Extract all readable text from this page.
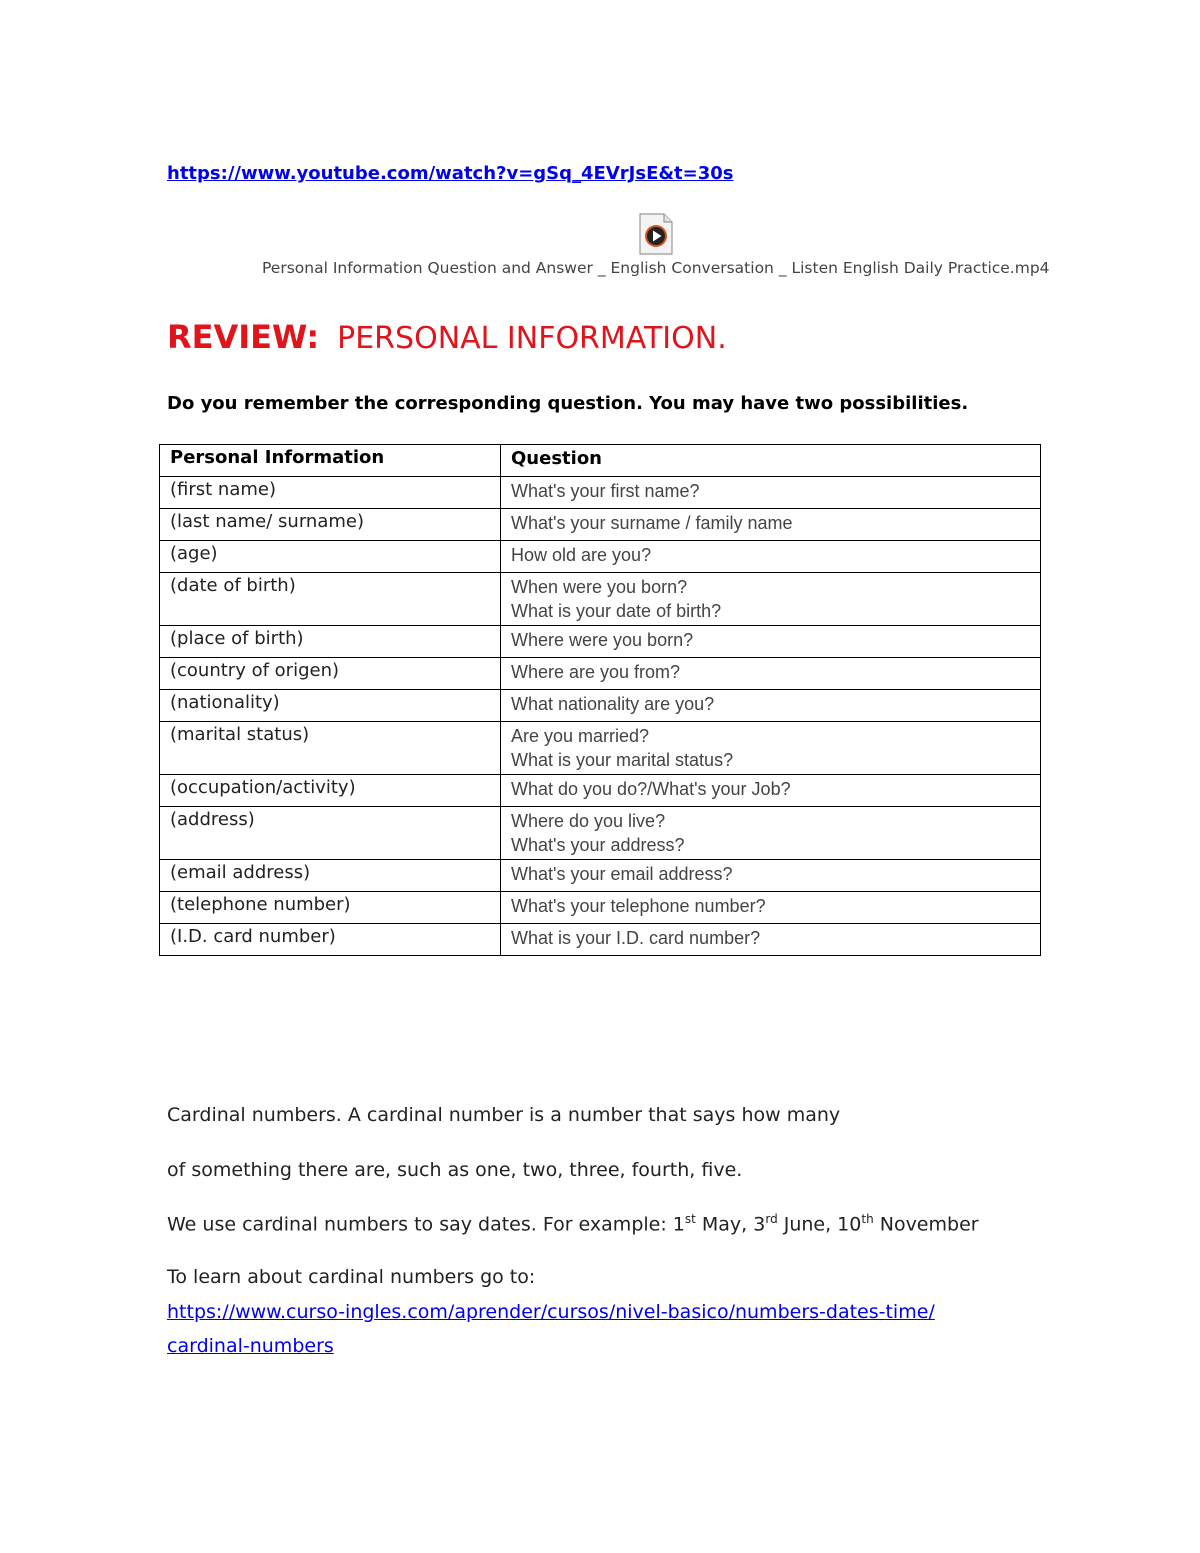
https://www.youtube.com/watch?v=gSq_4EVrJsE&t=30s
Personal Information Question and Answer _ English Conversation _ Listen English Daily Practice.mp4
REVIEW: PERSONAL INFORMATION.
Do you remember the corresponding question. You may have two possibilities.
Personal Information	Question
(first name)	What's your first name?

(last name/ surname)	What's your surname / family name

(age)	How old are you?

(date of birth)	When were you born?
What is your date of birth?

(place of birth)	Where were you born?

(country of origen)	Where are you from?

(nationality)	What nationality are you?

(marital status)	Are you married?
What is your marital status?

(occupation/activity)	What do you do?/What's your Job?

(address)	Where do you live?
What's your address?

(email address)	What's your email address?

(telephone number)	What's your telephone number?

(I.D. card number)	What is your I.D. card number?
Cardinal numbers. A cardinal number is a number that says how many
of something there are, such as one, two, three, fourth, five.
We use cardinal numbers to say dates. For example: 1st May, 3rd June, 10th November
To learn about cardinal numbers go to:
https://www.curso-ingles.com/aprender/cursos/nivel-basico/numbers-dates-time/
cardinal-numbers
